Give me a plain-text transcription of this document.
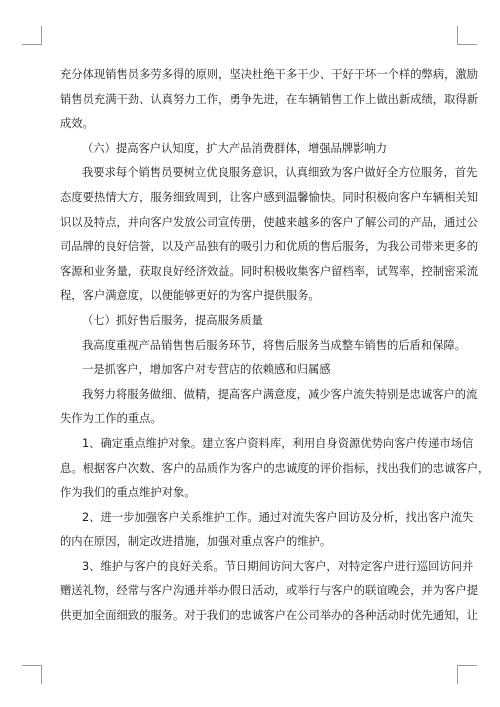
充分体现销售员多劳多得的原则，坚决杜绝干多干少、干好干坏一个样的弊病，激励
销售员充满干劲、认真努力工作，勇争先进，在车辆销售工作上做出新成绩，取得新
成效。
（六）提高客户认知度，扩大产品消费群体，增强品牌影响力
我要求每个销售员要树立优良服务意识，认真细致为客户做好全方位服务，首先
态度要热情大方，服务细致周到，让客户感到温馨愉快。同时积极向客户车辆相关知
识以及特点，并向客户发放公司宣传册，使越来越多的客户了解公司的产品，通过公
司品牌的良好信誉，以及产品独有的吸引力和优质的售后服务，为我公司带来更多的
客源和业务量，获取良好经济效益。同时积极收集客户留档率，试驾率，控制密采流
程，客户满意度，以便能够更好的为客户提供服务。
（七）抓好售后服务，提高服务质量
我高度重视产品销售售后服务环节，将售后服务当成整车销售的后盾和保障。
一是抓客户，增加客户对专营店的依赖感和归属感
我努力将服务做细、做精，提高客户满意度，减少客户流失特别是忠诚客户的流
失作为工作的重点。
1、确定重点维护对象。建立客户资料库，利用自身资源优势向客户传递市场信
息。根据客户次数、客户的品质作为客户的忠诚度的评价指标，找出我们的忠诚客户，
作为我们的重点维护对象。
2、进一步加强客户关系维护工作。通过对流失客户回访及分析，找出客户流失
的内在原因，制定改进措施，加强对重点客户的维护。
3、维护与客户的良好关系。节日期间访问大客户，对特定客户进行巡回访问并
赠送礼物，经常与客户沟通并举办假日活动，或举行与客户的联谊晚会，并为客户提
供更加全面细致的服务。对于我们的忠诚客户在公司举办的各种活动时优先通知，让
